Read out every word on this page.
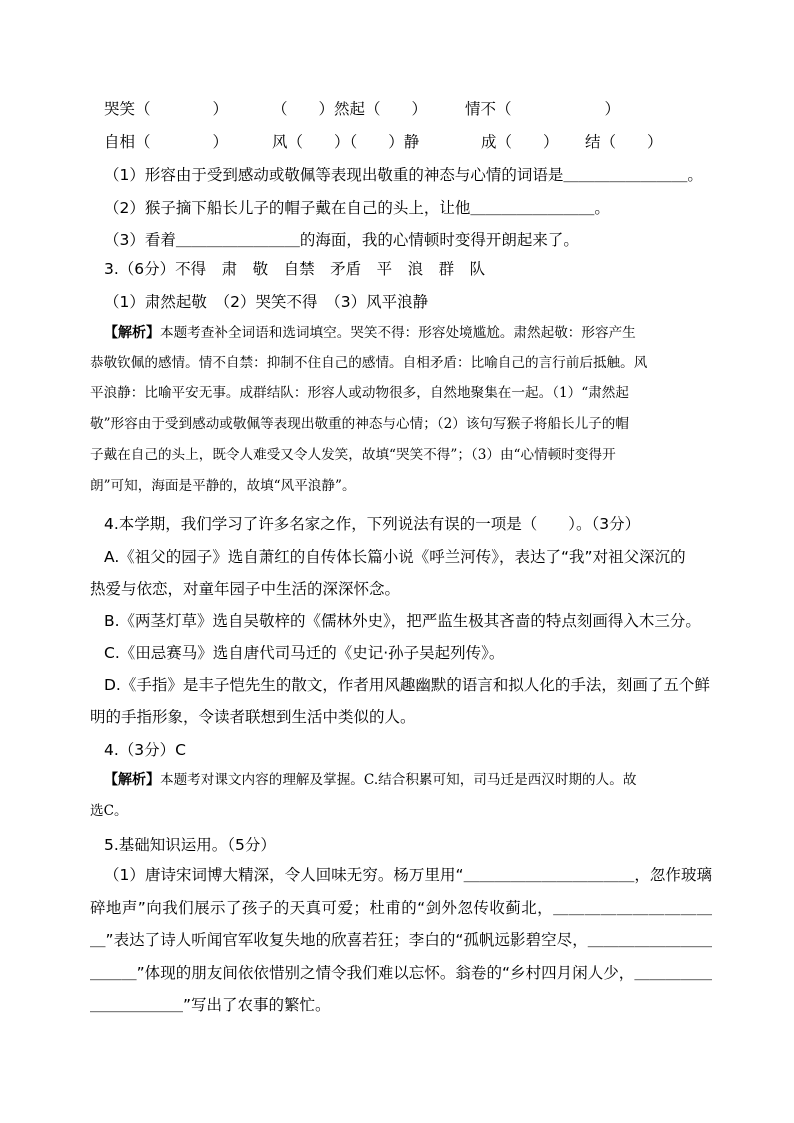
哭笑（　　　　）	（　　）然起（　　） 情不（　　　　　　）
自相（　　　　）	风（　　）（　　）静	成（　　） 结（　　）
（1）形容由于受到感动或敬佩等表现出敬重的神态与心情的词语是＿＿＿＿＿＿＿＿。
（2）猴子摘下船长儿子的帽子戴在自己的头上，让他＿＿＿＿＿＿＿＿。
（3）看着＿＿＿＿＿＿＿＿的海面，我的心情顿时变得开朗起来了。
3.（6分）不得　肃　敬　自禁　矛盾　平　浪　群　队
（1）肃然起敬　（2）哭笑不得　（3）风平浪静
【解析】本题考查补全词语和选词填空。哭笑不得：形容处境尴尬。肃然起敬：形容产生
恭敬钦佩的感情。情不自禁：抑制不住自己的感情。自相矛盾：比喻自己的言行前后抵触。风
平浪静：比喻平安无事。成群结队：形容人或动物很多，自然地聚集在一起。（1）“肃然起
敬”形容由于受到感动或敬佩等表现出敬重的神态与心情；（2）该句写猴子将船长儿子的帽
子戴在自己的头上，既令人难受又令人发笑，故填“哭笑不得”；（3）由“心情顿时变得开
朗”可知，海面是平静的，故填“风平浪静”。
4.本学期，我们学习了许多名家之作，下列说法有误的一项是（　　）。（3分）
A.《祖父的园子》选自萧红的自传体长篇小说《呼兰河传》，表达了“我”对祖父深沉的
热爱与依恋，对童年园子中生活的深深怀念。
B.《两茎灯草》选自吴敬梓的《儒林外史》，把严监生极其吝啬的特点刻画得入木三分。
C.《田忌赛马》选自唐代司马迁的《史记·孙子吴起列传》。
D.《手指》是丰子恺先生的散文，作者用风趣幽默的语言和拟人化的手法，刻画了五个鲜
明的手指形象，令读者联想到生活中类似的人。
4.（3分）C
【解析】本题考对课文内容的理解及掌握。C.结合积累可知，司马迁是西汉时期的人。故
选C。
5.基础知识运用。（5分）
（1）唐诗宋词博大精深，令人回味无穷。杨万里用“＿＿＿＿＿＿＿＿＿＿＿，忽作玻璃碎地声”向我们展示了孩子的天真可爱；杜甫的“剑外忽传收蓟北，＿＿＿＿＿＿＿＿＿＿＿”表达了诗人听闻官军收复失地的欣喜若狂；李白的“孤帆远影碧空尽，＿＿＿＿＿＿＿＿＿＿＿”体现的朋友间依依惜别之情令我们难以忘怀。翁卷的“乡村四月闲人少，＿＿＿＿＿＿＿＿＿＿＿”写出了农事的繁忙。
